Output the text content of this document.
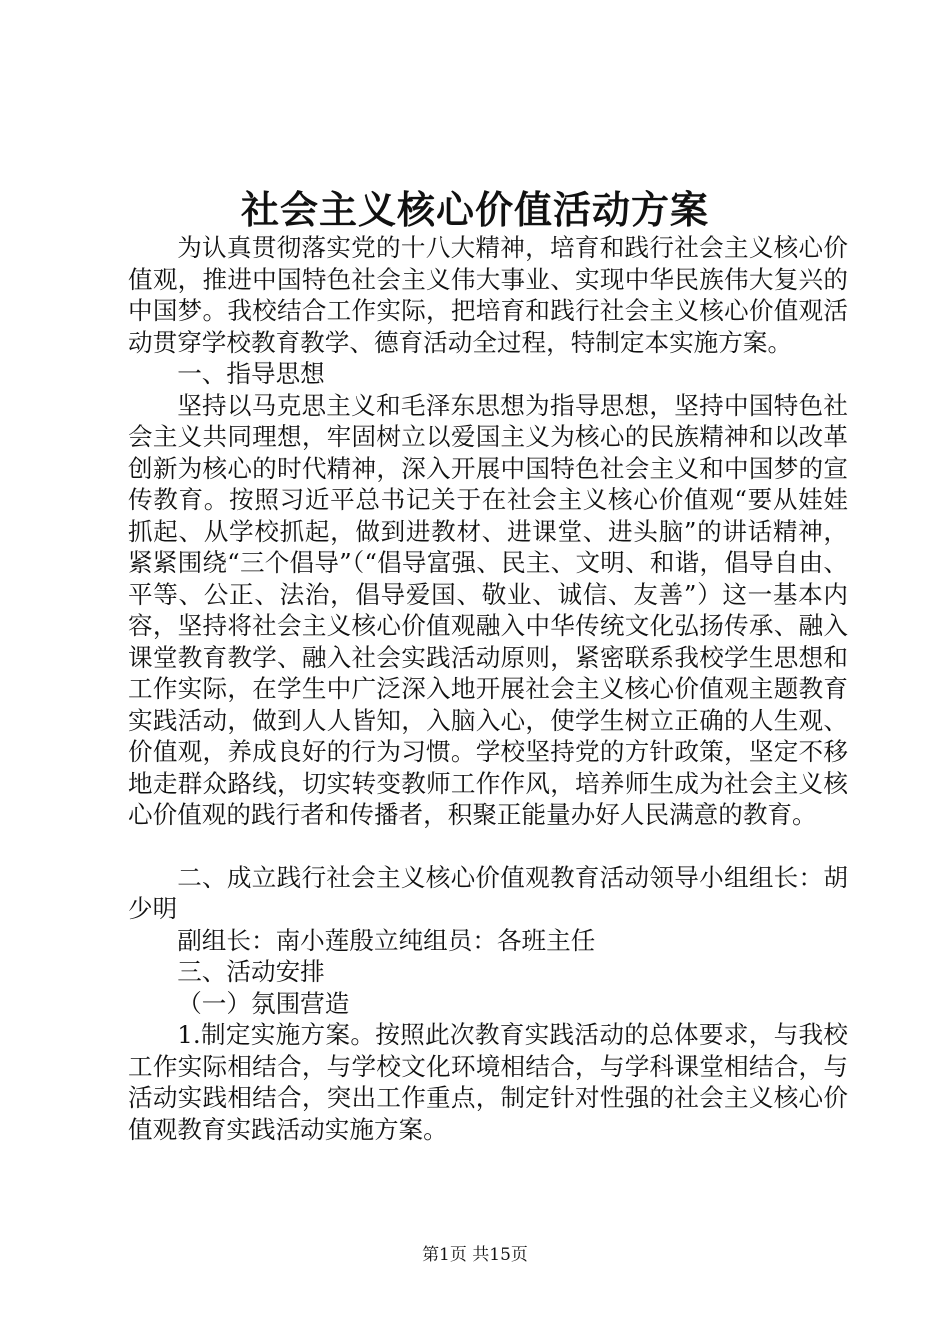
社会主义核心价值活动方案

为认真贯彻落实党的十八大精神，培育和践行社会主义核心价值观，推进中国特色社会主义伟大事业、实现中华民族伟大复兴的中国梦。我校结合工作实际，把培育和践行社会主义核心价值观活动贯穿学校教育教学、德育活动全过程，特制定本实施方案。

一、指导思想

坚持以马克思主义和毛泽东思想为指导思想，坚持中国特色社会主义共同理想，牢固树立以爱国主义为核心的民族精神和以改革创新为核心的时代精神，深入开展中国特色社会主义和中国梦的宣传教育。按照习近平总书记关于在社会主义核心价值观“要从娃娃抓起、从学校抓起，做到进教材、进课堂、进头脑”的讲话精神，紧紧围绕“三个倡导”（“倡导富强、民主、文明、和谐，倡导自由、平等、公正、法治，倡导爱国、敬业、诚信、友善”）这一基本内容，坚持将社会主义核心价值观融入中华传统文化弘扬传承、融入课堂教育教学、融入社会实践活动原则，紧密联系我校学生思想和工作实际，在学生中广泛深入地开展社会主义核心价值观主题教育实践活动，做到人人皆知，入脑入心，使学生树立正确的人生观、价值观，养成良好的行为习惯。学校坚持党的方针政策，坚定不移地走群众路线，切实转变教师工作作风，培养师生成为社会主义核心价值观的践行者和传播者，积聚正能量办好人民满意的教育。

二、成立践行社会主义核心价值观教育活动领导小组组长：胡少明

副组长：南小莲殷立纯组员：各班主任

三、活动安排

（一）氛围营造

1.制定实施方案。按照此次教育实践活动的总体要求，与我校工作实际相结合，与学校文化环境相结合，与学科课堂相结合，与活动实践相结合，突出工作重点，制定针对性强的社会主义核心价值观教育实践活动实施方案。

第1页 共15页
